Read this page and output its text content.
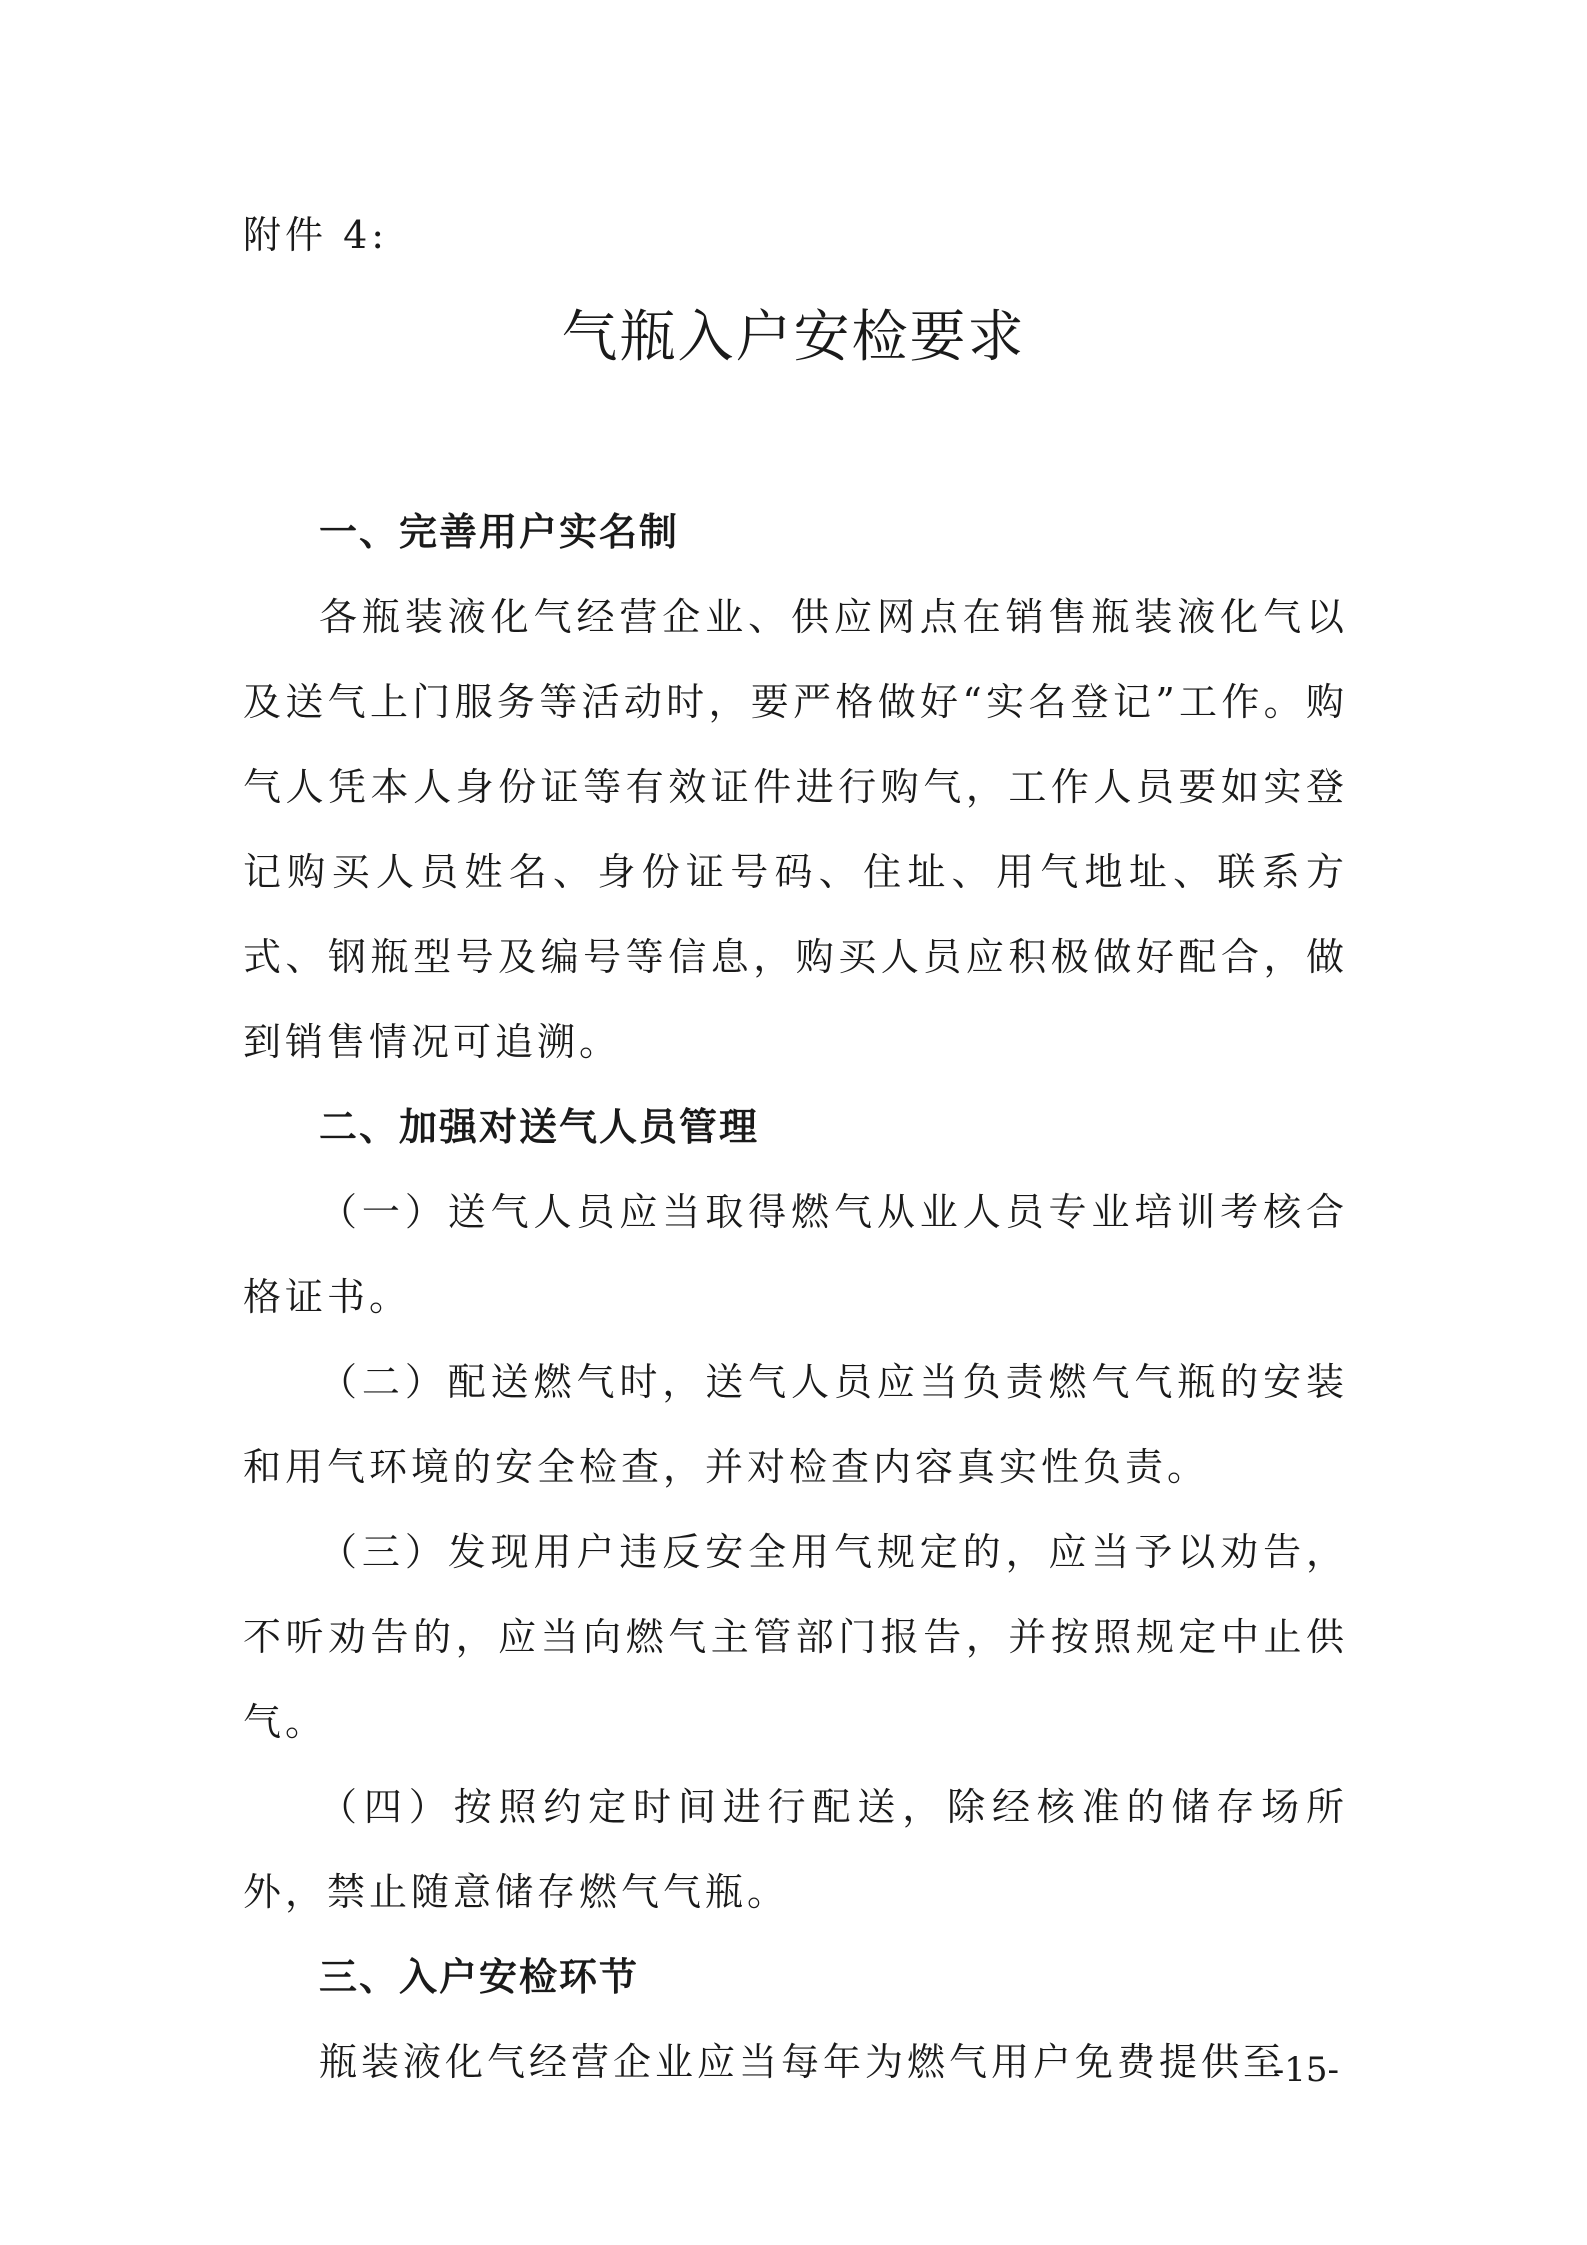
附件 4:
气瓶入户安检要求
一、完善用户实名制

各瓶装液化气经营企业、供应网点在销售瓶装液化气以及送气上门服务等活动时，要严格做好“实名登记”工作。购气人凭本人身份证等有效证件进行购气，工作人员要如实登记购买人员姓名、身份证号码、住址、用气地址、联系方式、钢瓶型号及编号等信息，购买人员应积极做好配合，做到销售情况可追溯。

二、加强对送气人员管理

（一）送气人员应当取得燃气从业人员专业培训考核合格证书。

（二）配送燃气时，送气人员应当负责燃气气瓶的安装和用气环境的安全检查，并对检查内容真实性负责。

（三）发现用户违反安全用气规定的，应当予以劝告，不听劝告的，应当向燃气主管部门报告，并按照规定中止供气。

（四）按照约定时间进行配送，除经核准的储存场所外，禁止随意储存燃气气瓶。

三、入户安检环节

瓶装液化气经营企业应当每年为燃气用户免费提供至

-15-
